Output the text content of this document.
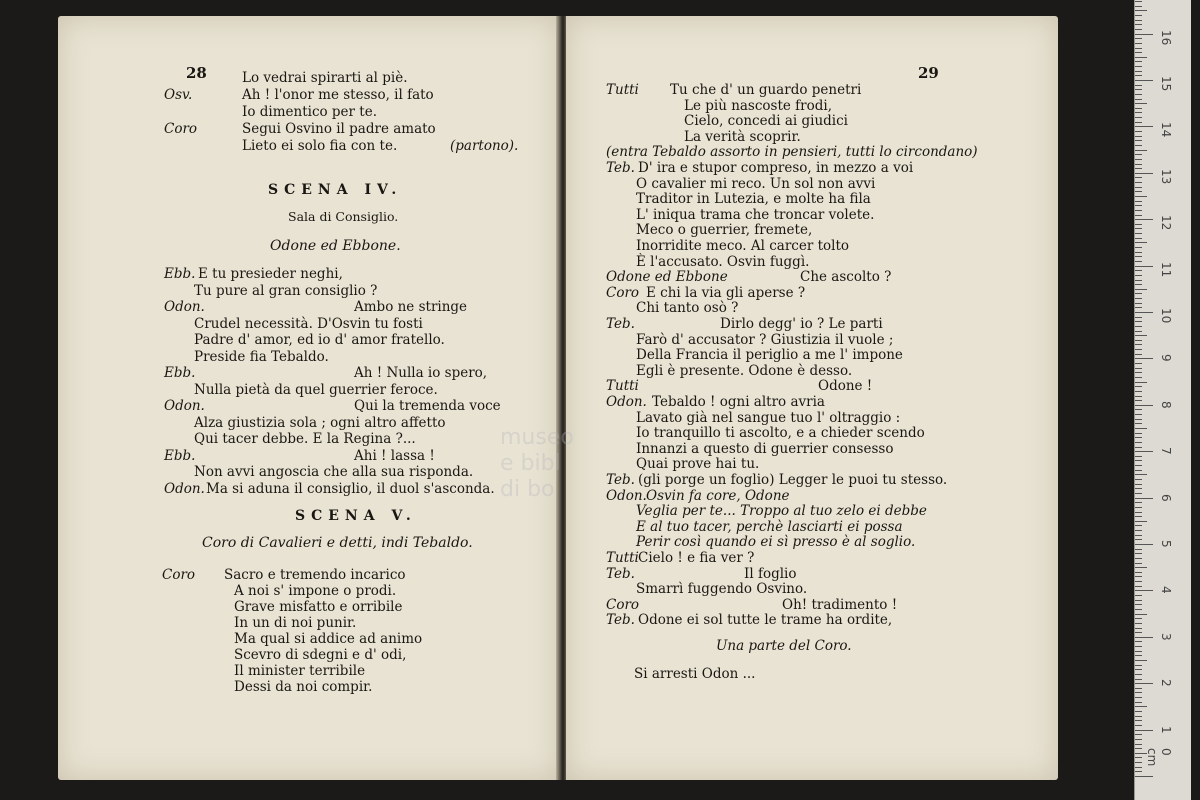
28	Lo vedrai spirarti al piè.
Osv.	Ah ! l'onor me stesso, il fato
Io dimentico per te.
Coro	Segui Osvino il padre amato
Lieto ei solo fia con te.	(partono).
Ebb. E tu presieder neghi,
Tu pure al gran consiglio ?
Odon.	Ambo ne stringe
Crudel necessità. D'Osvin tu fosti
Padre d' amor, ed io d' amor fratello.
Preside fia Tebaldo.
Ebb.	Ah ! Nulla io spero,
Nulla pietà da quel guerrier feroce.
Odon.	Qui la tremenda voce
Alza giustizia sola ; ogni altro affetto
Qui tacer debbe. E la Regina ?...
Ebb.	Ahi ! lassa !
Non avvi angoscia che alla sua risponda.
Odon. Ma si aduna il consiglio, il duol s'asconda.
Coro Sacro e tremendo incarico
A noi s' impone o prodi.
Grave misfatto e orribile
In un di noi punir.
Ma qual si addice ad animo
Scevro di sdegni e d' odi,
Il minister terribile
Dessi da noi compir.
SCENA IV.
Sala di Consiglio.
Odone ed Ebbone.
SCENA V.
Coro di Cavalieri e detti, indi Tebaldo.
29
Tutti Tu che d' un guardo penetri
Le più nascoste frodi,
Cielo, concedi ai giudici
La verità scoprir.
(entra Tebaldo assorto in pensieri, tutti lo circondano)
Teb. D' ira e stupor compreso, in mezzo a voi
O cavalier mi reco. Un sol non avvi
Traditor in Lutezia, e molte ha fila
L' iniqua trama che troncar volete.
Meco o guerrier, fremete,
Inorridite meco. Al carcer tolto
È l'accusato. Osvin fuggì.
Odone ed Ebbone	Che ascolto ?
Coro E chi la via gli aperse ?
Chi tanto osò ?
Teb.	Dirlo degg' io ? Le parti
Farò d' accusator ? Giustizia il vuole ;
Della Francia il periglio a me l' impone
Egli è presente. Odone è desso.
Tutti	Odone !
Odon. Tebaldo ! ogni altro avria
Lavato già nel sangue tuo l' oltraggio :
Io tranquillo ti ascolto, e a chieder scendo
Innanzi a questo di guerrier consesso
Quai prove hai tu.
Teb. (gli porge un foglio) Legger le puoi tu stesso.
Odon. Osvin fa core, Odone
Veglia per te... Troppo al tuo zelo ei debbe
E al tuo tacer, perchè lasciarti ei possa
Perir così quando ei sì presso è al soglio.
Tutti Cielo ! e fia ver ?
Teb.	Il foglio
Smarrì fuggendo Osvino.
Coro	Oh! tradimento !
Teb. Odone ei sol tutte le trame ha ordite,
Una parte del Coro.
Si arresti Odon ...
museo
e bibl
di bo
0 cm
1
2
3
4
5
6
7
8
9
10
11
12
13
14
15
16
